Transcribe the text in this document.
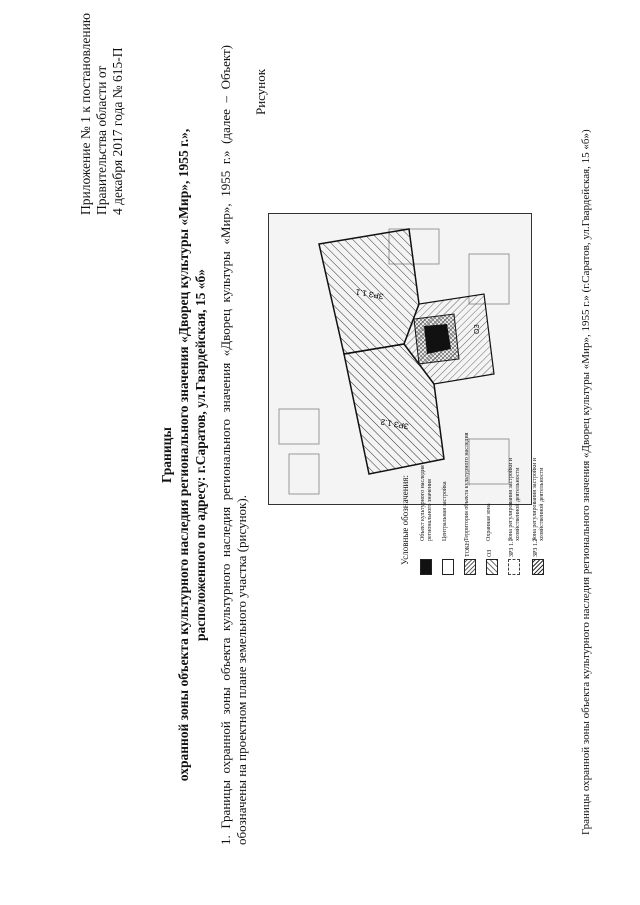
Приложение № 1 к постановлению Правительства области от 4 декабря 2017 года № 615-П	Рисунок
Границы охранной зоны объекта культурного наследия регионального значения «Дворец культуры «Мир», 1955 г.», расположенного по адресу: г.Саратов, ул.Гвардейская, 15 «б» 1. Границы охранной зоны объекта культурного наследия регионального значения «Дворец культуры «Мир», 1955 г.» (далее – Объект) обозначены на проектном плане земельного участка (рисунок).
ЗРЗ 1.2
ЗРЗ 1.1
ОЗ
Условные обозначения: Объект культурного наследия регионального значения Центральная застройка
ТОКН
Территория объекта культурного наследия
ОЗ
Охранная зона
ЗРЗ 1.1
Зона регулирования застройки и хозяйственной деятельности
ЗРЗ 1.2
Зона регулирования застройки и хозяйственной деятельности	Границы охранной зоны объекта культурного наследия регионального значения «Дворец культуры «Мир», 1955 г.» (г.Саратов, ул.Гвардейская, 15 «б»)
